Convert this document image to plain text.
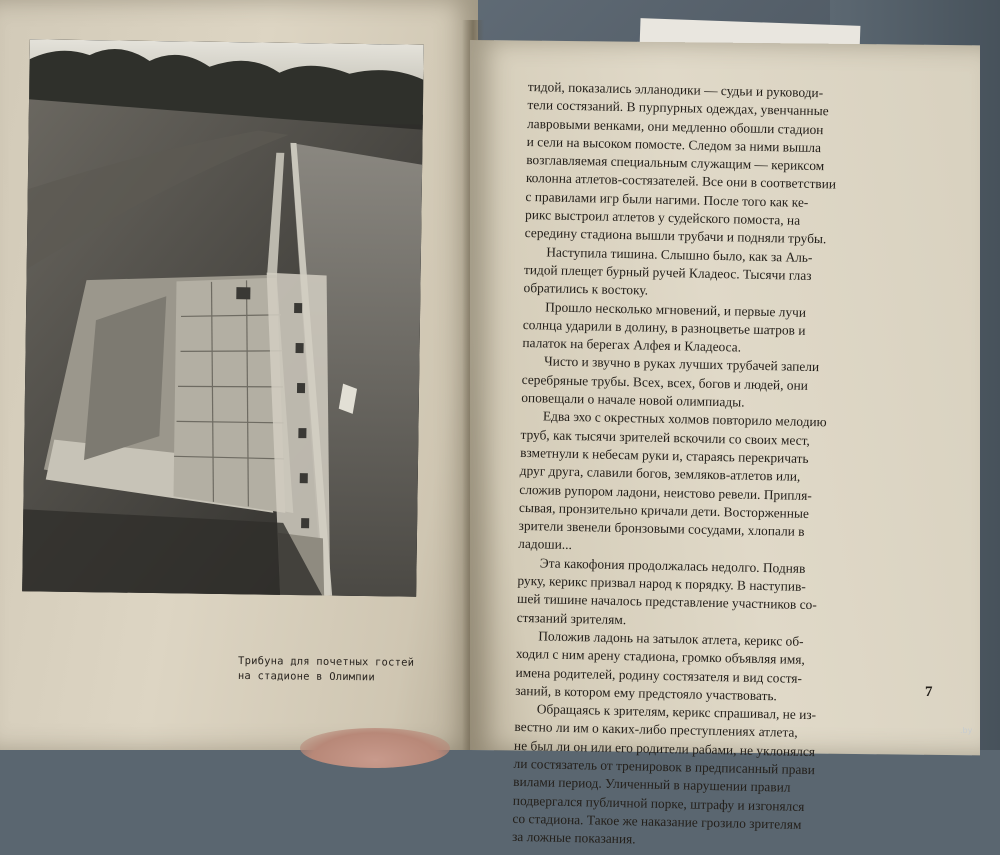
Трибуна для почетных гостей
на стадионе в Олимпии
тидой, показались элланодики — судьи и руководи-
тели состязаний. В пурпурных одеждах, увенчанные
лавровыми венками, они медленно обошли стадион
и сели на высоком помосте. Следом за ними вышла
возглавляемая специальным служащим — кериксом
колонна атлетов-состязателей. Все они в соответствии
с правилами игр были нагими. После того как ке-
рикс выстроил атлетов у судейского помоста, на
середину стадиона вышли трубачи и подняли трубы.
Наступила тишина. Слышно было, как за Аль-
тидой плещет бурный ручей Кладеос. Тысячи глаз
обратились к востоку.
Прошло несколько мгновений, и первые лучи
солнца ударили в долину, в разноцветье шатров и
палаток на берегах Алфея и Кладеоса.
Чисто и звучно в руках лучших трубачей запели
серебряные трубы. Всех, всех, богов и людей, они
оповещали о начале новой олимпиады.
Едва эхо с окрестных холмов повторило мелодию
труб, как тысячи зрителей вскочили со своих мест,
взметнули к небесам руки и, стараясь перекричать
друг друга, славили богов, земляков-атлетов или,
сложив рупором ладони, неистово ревели. Припля-
сывая, пронзительно кричали дети. Восторженные
зрители звенели бронзовыми сосудами, хлопали в
ладоши...
Эта какофония продолжалась недолго. Подняв
руку, керикс призвал народ к порядку. В наступив-
шей тишине началось представление участников со-
стязаний зрителям.
Положив ладонь на затылок атлета, керикс об-
ходил с ним арену стадиона, громко объявляя имя,
имена родителей, родину состязателя и вид состя-
заний, в котором ему предстояло участвовать.
Обращаясь к зрителям, керикс спрашивал, не из-
вестно ли им о каких-либо преступлениях атлета,
не был ли он или его родители рабами, не уклонялся
ли состязатель от тренировок в предписанный прави
вилами период. Уличенный в нарушении правил
подвергался публичной порке, штрафу и изгонялся
со стадиона. Такое же наказание грозило зрителям
за ложные показания.
7
.by
